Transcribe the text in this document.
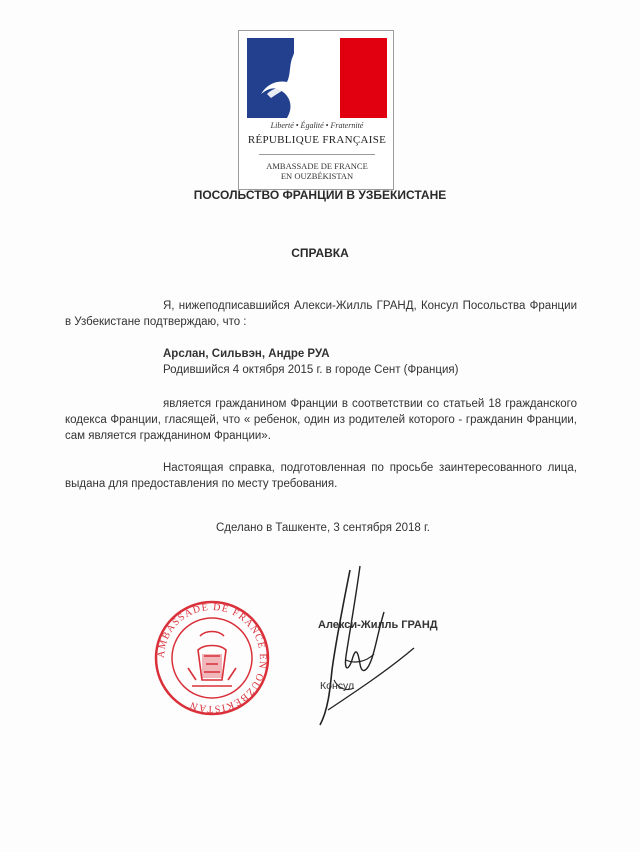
Liberté • Égalité • Fraternité
RÉPUBLIQUE FRANÇAISE
AMBASSADE DE FRANCE
EN OUZBÉKISTAN
ПОСОЛЬСТВО ФРАНЦИИ В УЗБЕКИСТАНЕ
СПРАВКА
Я, нижеподписавшийся Алекси-Жилль ГРАНД, Консул Посольства Франции в Узбекистане подтверждаю, что :
Арслан, Сильвэн, Андре РУА
Родившийся 4 октября 2015 г. в городе Сент (Франция)
является гражданином Франции в соответствии со статьей 18 гражданского кодекса Франции, гласящей, что « ребенок, один из родителей которого - гражданин Франции, сам является гражданином Франции».
Настоящая справка, подготовленная по просьбе заинтересованного лица, выдана для предоставления по месту требования.
Сделано в Ташкенте, 3 сентября 2018 г.
AMBASSADE DE FRANCE EN OUZBEKISTAN
Алекси-Жилль ГРАНД
Консул
